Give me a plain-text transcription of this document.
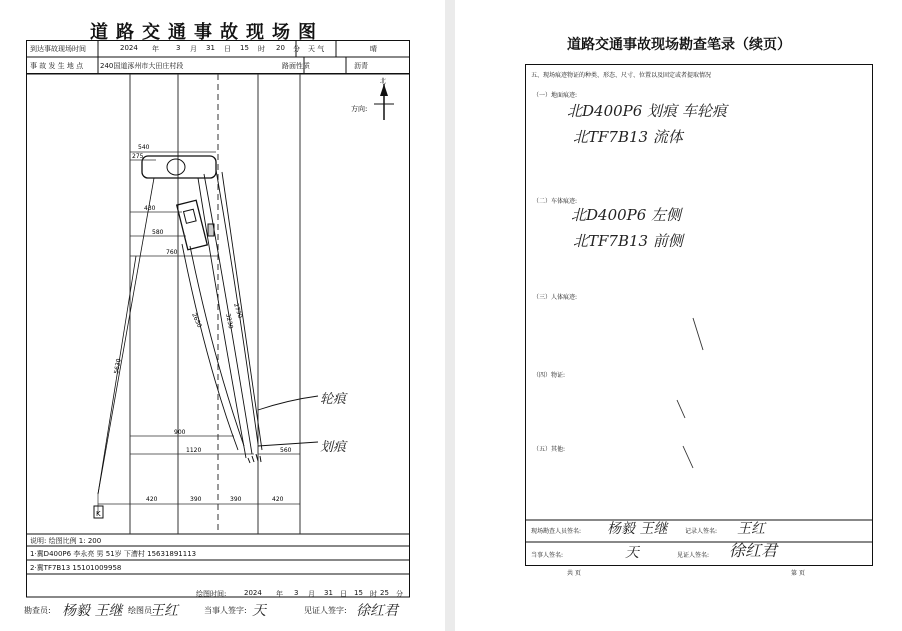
道路交通事故现场图
到达事故现场时间	2024 年 3 月 31 日 15 时 20 分 天 气	晴
事 故 发 生 地 点 240国道涿州市大田庄村段	路面性质	沥青
540
275
430
580
760
900
1120	560
420	390	390	420
2790
3230
2650
5630
方向:
北
K
轮痕
划痕
说明: 绘图比例 1: 200
1·冀D400P6 李永亮 男 51岁 下漕村 15631891113
2·冀TF7B13 15101009958
绘图时间:	2024 年 3 月 31 日 15 时 25 分
勘查员: 杨毅 王继 绘图员:
王红	当事人签字: 天	见证人签字: 徐红君
道路交通事故现场勘查笔录（续页）
五、现场痕迹物证的种类、形态、尺寸、位置以及固定或者提取情况
（一）地面痕迹:
北D400P6 划痕 车轮痕
北TF7B13 流体
（二）车体痕迹:
北D400P6 左侧
北TF7B13 前侧
（三）人体痕迹:
（四）物证:
（五）其他:
现场勘查人员签名: 杨毅 王继	记录人签名: 王红
当事人签名:	天	见证人签名: 徐红君
共 页	第 页
